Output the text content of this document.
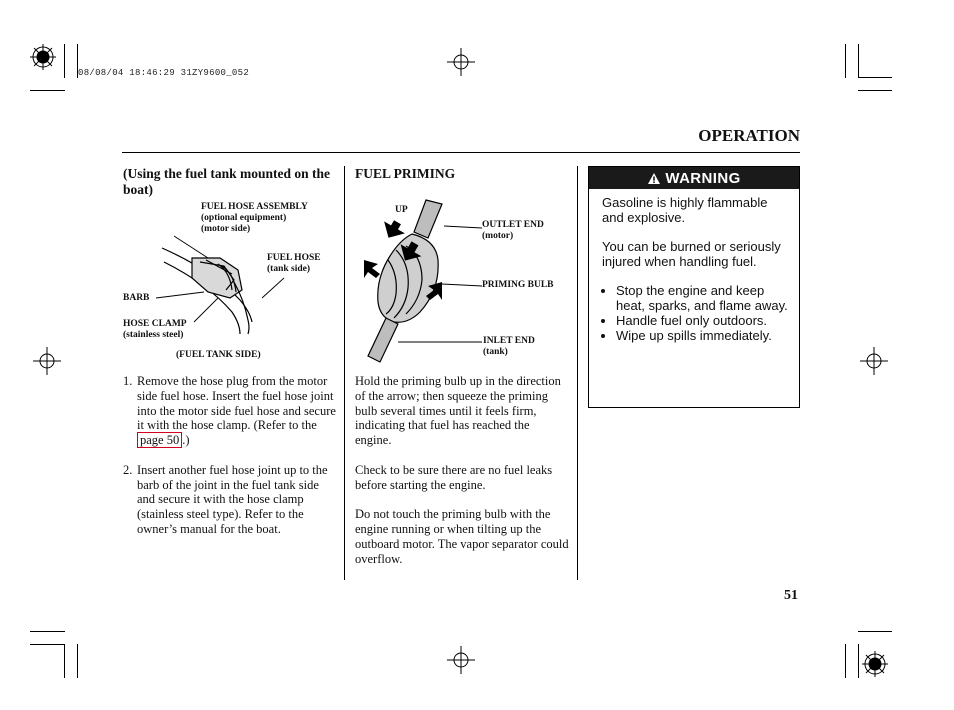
08/08/04 18:46:29 31ZY9600_052
OPERATION
(Using the fuel tank mounted on the boat)
FUEL HOSE ASSEMBLY
(optional equipment)
(motor side)
FUEL HOSE
(tank side)
BARB
HOSE CLAMP
(stainless steel)
(FUEL TANK SIDE)
1. Remove the hose plug from the motor side fuel hose. Insert the fuel hose joint into the motor side fuel hose and secure it with the hose clamp. (Refer to the page 50 .)
2. Insert another fuel hose joint up to the barb of the joint in the fuel tank side and secure it with the hose clamp (stainless steel type). Refer to the owner’s manual for the boat.
FUEL PRIMING
UP
OUTLET END
(motor)
PRIMING BULB
INLET END
(tank)
Hold the priming bulb up in the direction of the arrow; then squeeze the priming bulb several times until it feels firm, indicating that fuel has reached the engine.
Check to be sure there are no fuel leaks before starting the engine.
Do not touch the priming bulb with the engine running or when tilting up the outboard motor. The vapor separator could overflow.
WARNING

Gasoline is highly flammable and explosive.

You can be burned or seriously injured when handling fuel.

• Stop the engine and keep heat, sparks, and flame away.
• Handle fuel only outdoors.
• Wipe up spills immediately.
51
